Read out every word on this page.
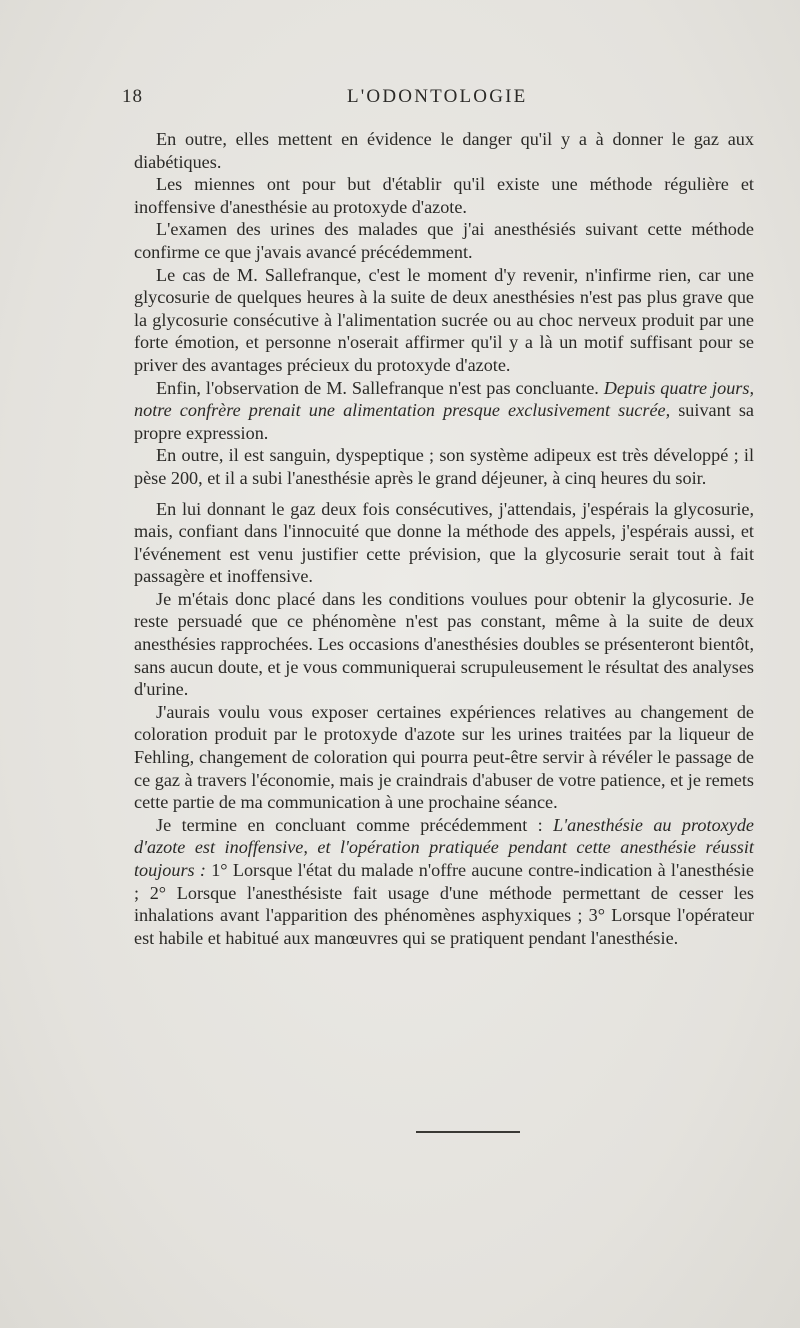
18	L'ODONTOLOGIE

En outre, elles mettent en évidence le danger qu'il y a à donner le gaz aux diabétiques.

Les miennes ont pour but d'établir qu'il existe une méthode régulière et inoffensive d'anesthésie au protoxyde d'azote.

L'examen des urines des malades que j'ai anesthésiés suivant cette méthode confirme ce que j'avais avancé précédemment.

Le cas de M. Sallefranque, c'est le moment d'y revenir, n'infirme rien, car une glycosurie de quelques heures à la suite de deux anesthésies n'est pas plus grave que la glycosurie consécutive à l'alimentation sucrée ou au choc nerveux produit par une forte émotion, et personne n'oserait affirmer qu'il y a là un motif suffisant pour se priver des avantages précieux du protoxyde d'azote.

Enfin, l'observation de M. Sallefranque n'est pas concluante. Depuis quatre jours, notre confrère prenait une alimentation presque exclusivement sucrée, suivant sa propre expression.

En outre, il est sanguin, dyspeptique ; son système adipeux est très développé ; il pèse 200, et il a subi l'anesthésie après le grand déjeuner, à cinq heures du soir.

En lui donnant le gaz deux fois consécutives, j'attendais, j'espérais la glycosurie, mais, confiant dans l'innocuité que donne la méthode des appels, j'espérais aussi, et l'événement est venu justifier cette prévision, que la glycosurie serait tout à fait passagère et inoffensive.

Je m'étais donc placé dans les conditions voulues pour obtenir la glycosurie. Je reste persuadé que ce phénomène n'est pas constant, même à la suite de deux anesthésies rapprochées. Les occasions d'anesthésies doubles se présenteront bientôt, sans aucun doute, et je vous communiquerai scrupuleusement le résultat des analyses d'urine.

J'aurais voulu vous exposer certaines expériences relatives au changement de coloration produit par le protoxyde d'azote sur les urines traitées par la liqueur de Fehling, changement de coloration qui pourra peut-être servir à révéler le passage de ce gaz à travers l'économie, mais je craindrais d'abuser de votre patience, et je remets cette partie de ma communication à une prochaine séance.

Je termine en concluant comme précédemment : L'anesthésie au protoxyde d'azote est inoffensive, et l'opération pratiquée pendant cette anesthésie réussit toujours : 1° Lorsque l'état du malade n'offre aucune contre-indication à l'anesthésie ; 2° Lorsque l'anesthésiste fait usage d'une méthode permettant de cesser les inhalations avant l'apparition des phénomènes asphyxiques ; 3° Lorsque l'opérateur est habile et habitué aux manœuvres qui se pratiquent pendant l'anesthésie.
